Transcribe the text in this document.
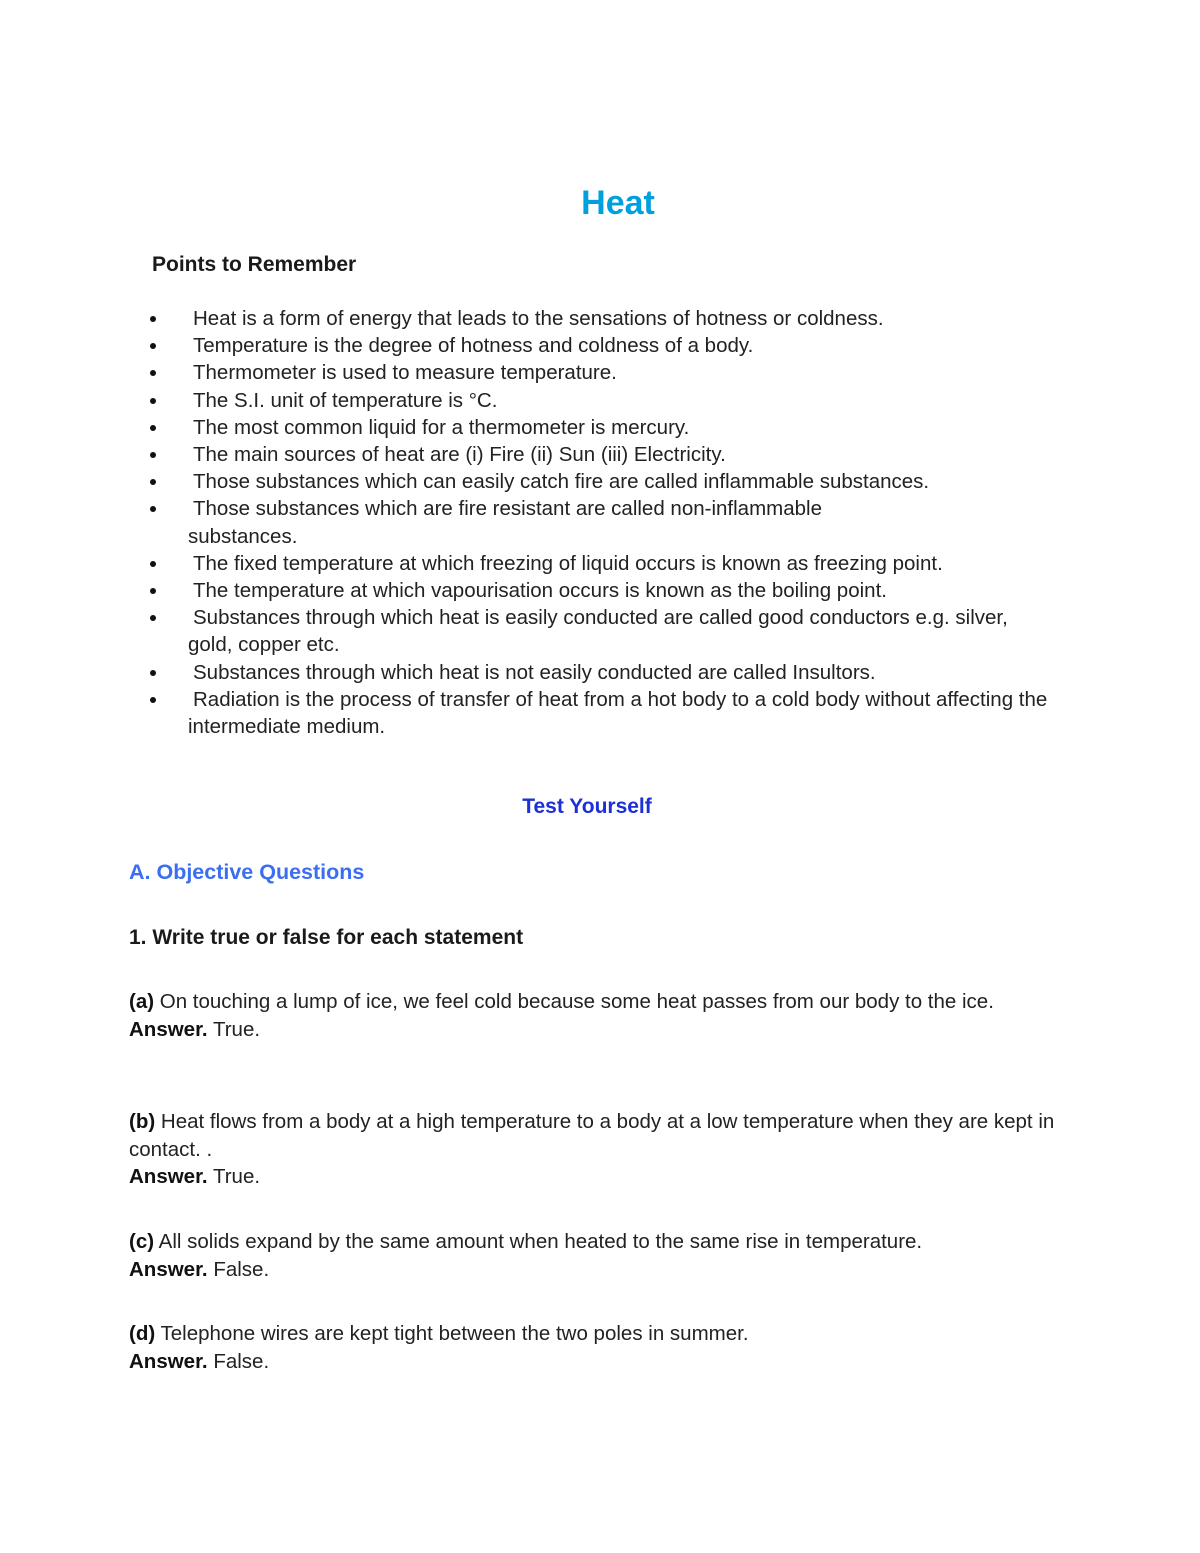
Heat
Points to Remember
Heat is a form of energy that leads to the sensations of hotness or coldness.
Temperature is the degree of hotness and coldness of a body.
Thermometer is used to measure temperature.
The S.I. unit of temperature is °C.
The most common liquid for a thermometer is mercury.
The main sources of heat are (i) Fire (ii) Sun (iii) Electricity.
Those substances which can easily catch fire are called inflammable substances.
Those substances which are fire resistant are called non-inflammable substances.
The fixed temperature at which freezing of liquid occurs is known as freezing point.
The temperature at which vapourisation occurs is known as the boiling point.
Substances through which heat is easily conducted are called good conductors e.g. silver, gold, copper etc.
Substances through which heat is not easily conducted are called Insultors.
Radiation is the process of transfer of heat from a hot body to a cold body without affecting the intermediate medium.
Test Yourself
A. Objective Questions
1. Write true or false for each statement

(a) On touching a lump of ice, we feel cold because some heat passes from our body to the ice.

Answer. True.

(b) Heat flows from a body at a high temperature to a body at a low temperature when they are kept in contact. .

Answer. True.

(c) All solids expand by the same amount when heated to the same rise in temperature.

Answer. False.

(d) Telephone wires are kept tight between the two poles in summer.

Answer. False.
